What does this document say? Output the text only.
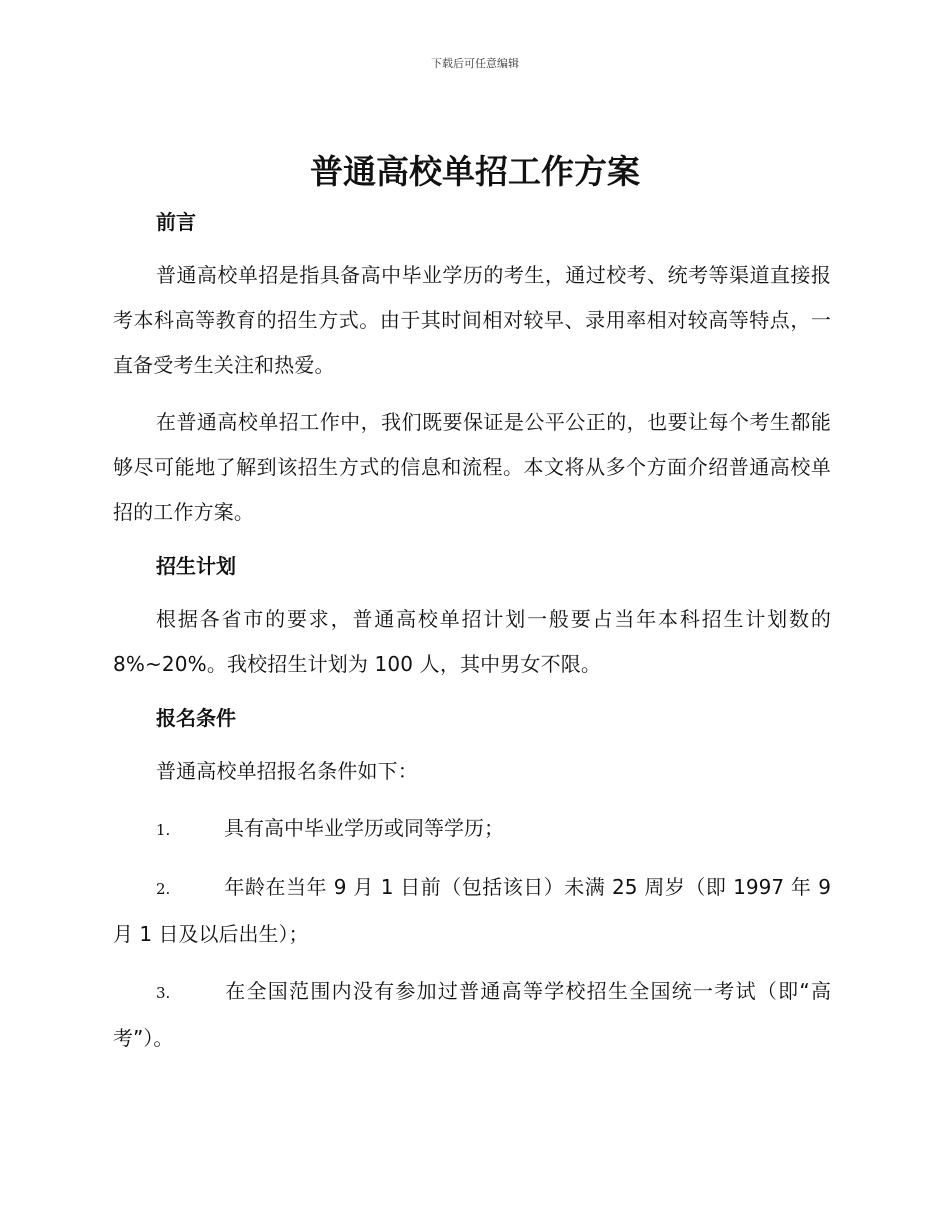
下载后可任意编辑
普通高校单招工作方案
前言

普通高校单招是指具备高中毕业学历的考生，通过校考、统考等渠道直接报考本科高等教育的招生方式。由于其时间相对较早、录用率相对较高等特点，一直备受考生关注和热爱。

在普通高校单招工作中，我们既要保证是公平公正的，也要让每个考生都能够尽可能地了解到该招生方式的信息和流程。本文将从多个方面介绍普通高校单招的工作方案。

招生计划

根据各省市的要求，普通高校单招计划一般要占当年本科招生计划数的8%~20%。我校招生计划为 100 人，其中男女不限。

报名条件

普通高校单招报名条件如下：

1.	具有高中毕业学历或同等学历；

2.	年龄在当年 9 月 1 日前（包括该日）未满 25 周岁（即 1997 年 9 月 1 日及以后出生）；

3.	在全国范围内没有参加过普通高等学校招生全国统一考试（即“高考”）。
